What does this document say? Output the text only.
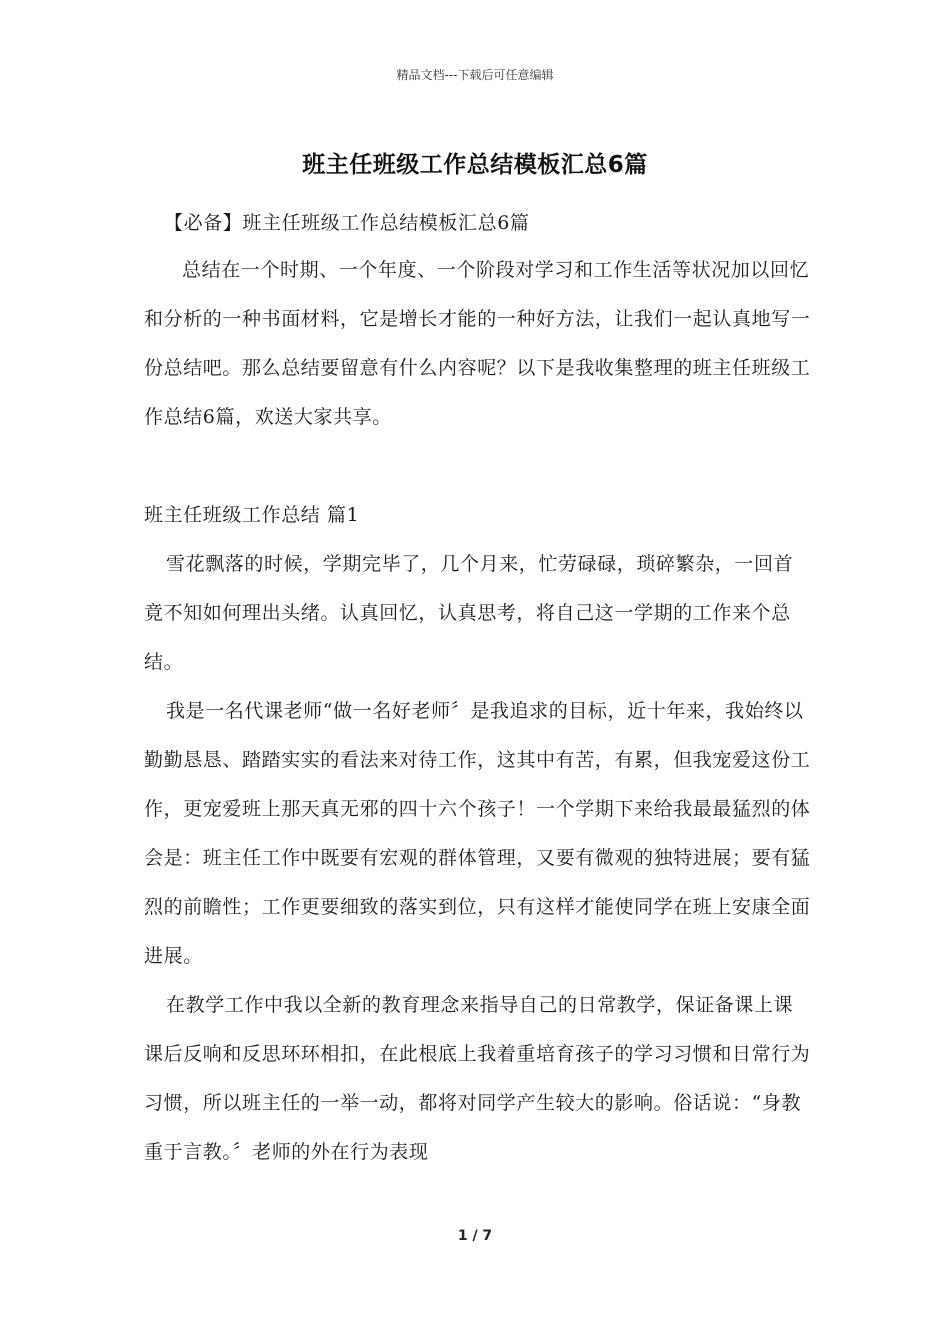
精品文档---下载后可任意编辑
班主任班级工作总结模板汇总6篇

【必备】班主任班级工作总结模板汇总6篇

总结在一个时期、一个年度、一个阶段对学习和工作生活等状况加以回忆和分析的一种书面材料，它是增长才能的一种好方法，让我们一起认真地写一份总结吧。那么总结要留意有什么内容呢？以下是我收集整理的班主任班级工作总结6篇，欢送大家共享。

班主任班级工作总结 篇1

雪花飘落的时候，学期完毕了，几个月来，忙劳碌碌，琐碎繁杂，一回首竟不知如何理出头绪。认真回忆，认真思考，将自己这一学期的工作来个总结。

我是一名代课老师“做一名好老师〞是我追求的目标，近十年来，我始终以勤勤恳恳、踏踏实实的看法来对待工作，这其中有苦，有累，但我宠爱这份工作，更宠爱班上那天真无邪的四十六个孩子！一个学期下来给我最最猛烈的体会是：班主任工作中既要有宏观的群体管理，又要有微观的独特进展；要有猛烈的前瞻性；工作更要细致的落实到位，只有这样才能使同学在班上安康全面进展。

在教学工作中我以全新的教育理念来指导自己的日常教学，保证备课上课课后反响和反思环环相扣，在此根底上我着重培育孩子的学习习惯和日常行为习惯，所以班主任的一举一动，都将对同学产生较大的影响。俗话说：“身教重于言教。〞老师的外在行为表现

1 / 7
